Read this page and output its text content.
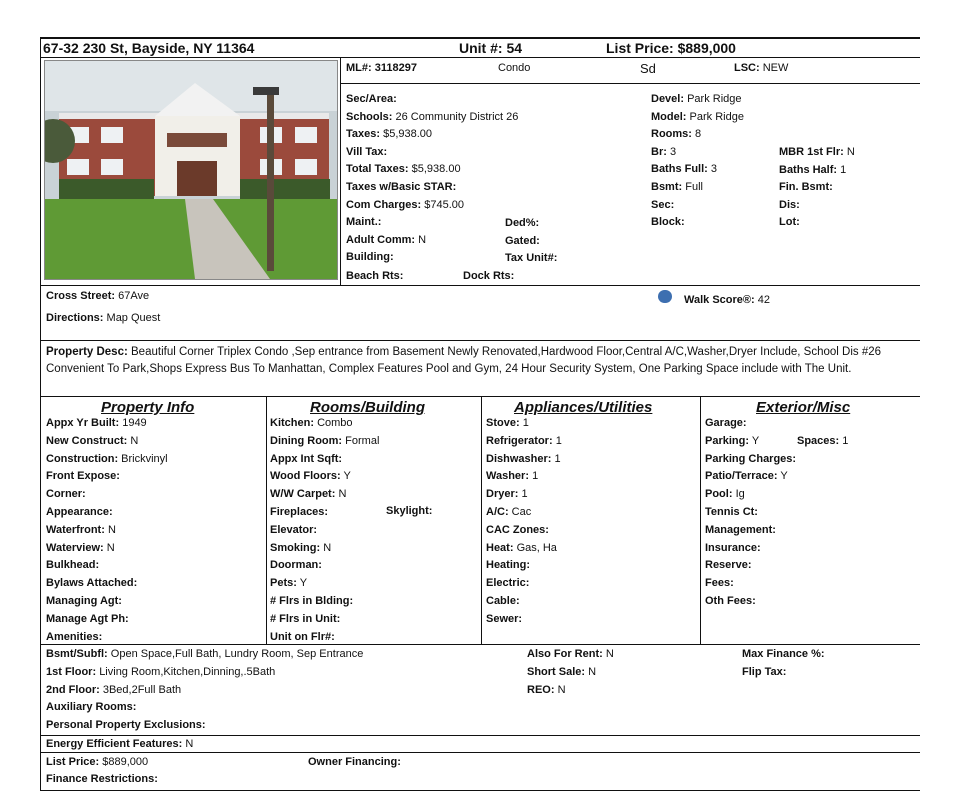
67-32 230 St, Bayside, NY 11364	Unit #: 54	List Price: $889,000
ML#: 3118297	Condo	Sd	LSC: NEW
Sec/Area:
Schools: 26 Community District 26
Taxes: $5,938.00
Vill Tax:
Total Taxes: $5,938.00
Taxes w/Basic STAR:
Com Charges: $745.00
Maint.:
Adult Comm: N
Building:
Ded%:
Gated:
Tax Unit#:
Beach Rts:	Dock Rts:
Devel: Park Ridge
Model: Park Ridge
Rooms: 8
Br: 3
Baths Full: 3
Bsmt: Full
Sec:
Block:
MBR 1st Flr: N
Baths Half: 1
Fin. Bsmt:
Dis:
Lot:
Cross Street: 67Ave
Directions: Map Quest
Walk Score®: 42
Property Desc: Beautiful Corner Triplex Condo ,Sep entrance from Basement Newly Renovated,Hardwood Floor,Central A/C,Washer,Dryer Include, School Dis #26 Convenient To Park,Shops Express Bus To Manhattan, Complex Features Pool and Gym, 24 Hour Security System, One Parking Space include with The Unit.
Property Info	Rooms/Building	Appliances/Utilities	Exterior/Misc
Appx Yr Built: 1949
New Construct: N
Construction: Brickvinyl
Front Expose:
Corner:
Appearance:
Waterfront: N
Waterview: N
Bulkhead:
Bylaws Attached:
Managing Agt:
Manage Agt Ph:
Amenities:
Kitchen: Combo
Dining Room: Formal
Appx Int Sqft:
Wood Floors: Y
W/W Carpet: N
Fireplaces:
Elevator:
Smoking: N
Doorman:
Pets: Y
# Flrs in Blding:
# Flrs in Unit:
Unit on Flr#:
Stove: 1
Refrigerator: 1
Dishwasher: 1
Washer: 1
Dryer: 1
A/C: Cac
CAC Zones:
Heat: Gas, Ha
Heating:
Electric:
Cable:
Sewer:
Garage:
Parking: Y
Parking Charges:
Patio/Terrace: Y
Pool: Ig
Tennis Ct:
Management:
Insurance:
Reserve:
Fees:
Oth Fees:
Skylight:
Spaces: 1
Bsmt/Subfl: Open Space,Full Bath, Lundry Room, Sep Entrance
1st Floor: Living Room,Kitchen,Dinning,.5Bath
2nd Floor: 3Bed,2Full Bath
Auxiliary Rooms:
Personal Property Exclusions:
Also For Rent: N
Short Sale: N
REO: N
Max Finance %:
Flip Tax:
Energy Efficient Features: N
List Price: $889,000	Owner Financing:
Finance Restrictions:
